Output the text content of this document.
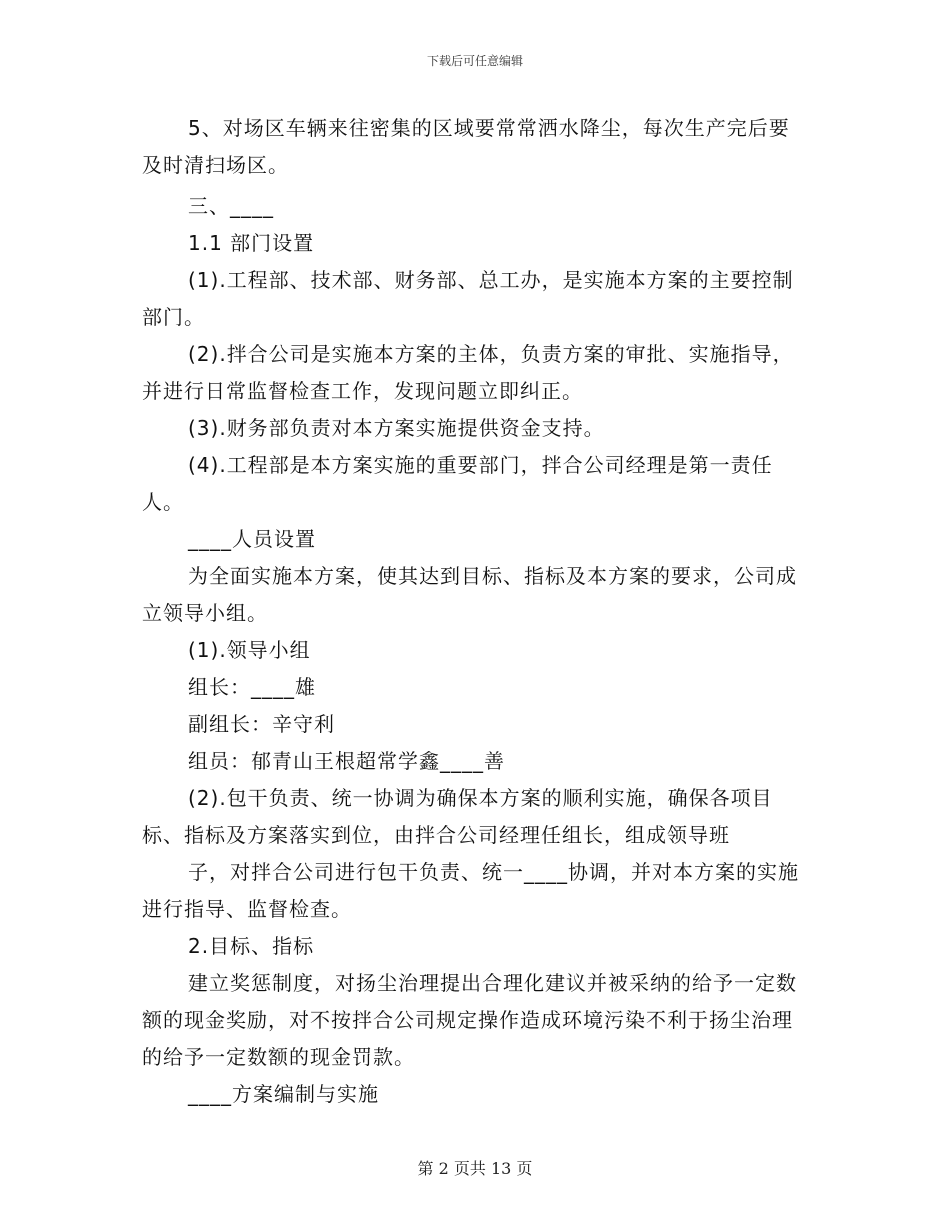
下载后可任意编辑

5、对场区车辆来往密集的区域要常常洒水降尘，每次生产完后要及时清扫场区。

三、____

1.1 部门设置

(1).工程部、技术部、财务部、总工办，是实施本方案的主要控制部门。

(2).拌合公司是实施本方案的主体，负责方案的审批、实施指导，并进行日常监督检查工作，发现问题立即纠正。

(3).财务部负责对本方案实施提供资金支持。

(4).工程部是本方案实施的重要部门，拌合公司经理是第一责任人。

____人员设置

为全面实施本方案，使其达到目标、指标及本方案的要求，公司成立领导小组。

(1).领导小组

组长：____雄

副组长：辛守利

组员：郁青山王根超常学鑫____善

(2).包干负责、统一协调为确保本方案的顺利实施，确保各项目标、指标及方案落实到位，由拌合公司经理任组长，组成领导班

子，对拌合公司进行包干负责、统一____协调，并对本方案的实施进行指导、监督检查。

2.目标、指标

建立奖惩制度，对扬尘治理提出合理化建议并被采纳的给予一定数额的现金奖励，对不按拌合公司规定操作造成环境污染不利于扬尘治理的给予一定数额的现金罚款。

____方案编制与实施

第 2 页共 13 页
